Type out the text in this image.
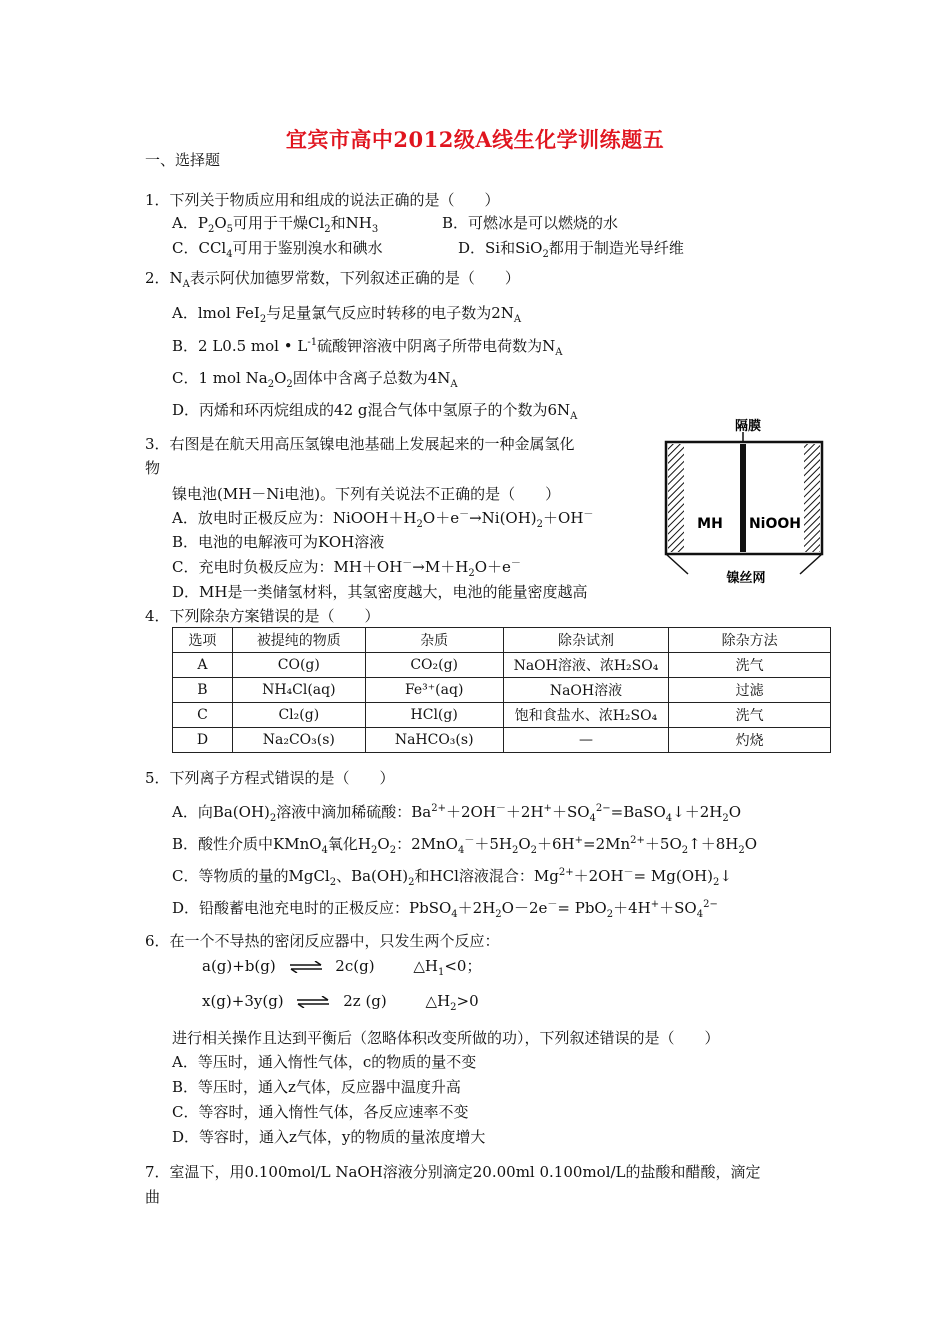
宜宾市高中2012级A线生化学训练题五
一、选择题
1．下列关于物质应用和组成的说法正确的是（　　）
A．$P_2O_5$可用于干燥$Cl_2$和$NH_3$	B．可燃冰是可以燃烧的水
C．CCl$_4$可用于鉴别溴水和碘水	D．Si和SiO$_2$都用于制造光导纤维
2．$N_A$表示阿伏加德罗常数，下列叙述正确的是（　　）
A．lmol FeI$_2$与足量氯气反应时转移的电子数为$2N_A$
B．2 L0.5 mol • $L^{-1}$硫酸钾溶液中阴离子所带电荷数为$N_A$
C．1 mol $Na_2O_2$固体中含离子总数为$4N_A$
D．丙烯和环丙烷组成的42 g混合气体中氢原子的个数为$6N_A$
3．右图是在航天用高压氢镍电池基础上发展起来的一种金属氢化
物
镍电池(MH－Ni电池)。下列有关说法不正确的是（　　）
A．放电时正极反应为：$NiOOH+H_2O+e^-\to Ni(OH)_2+OH^-$
B．电池的电解液可为KOH溶液
C．充电时负极反应为：$MH+OH^-\to M+H_2O+e^-$
D．MH是一类储氢材料，其氢密度越大，电池的能量密度越高
隔膜
MH NiOOH
镍丝网
4．下列除杂方案错误的是（　　）
选项	被提纯的物质	杂质	除杂试剂	除杂方法
A	CO(g)	CO₂(g)	NaOH溶液、浓H₂SO₄	洗气
B	NH₄Cl(aq)	Fe³⁺(aq)	NaOH溶液	过滤
C	Cl₂(g)	HCl(g)	饱和食盐水、浓H₂SO₄	洗气
D	Na₂CO₃(s)	NaHCO₃(s)	—	灼烧
5．下列离子方程式错误的是（　　）
A．向$Ba(OH)_2$溶液中滴加稀硫酸：$Ba^{2+}+2OH^-+2H^++SO_4^{2-}=BaSO_4↓+2H_2O$
B．酸性介质中KMnO$_4$氧化$H_2O_2$：$2MnO_4^-+5H_2O_2+6H^+=2Mn^{2+}+5O_2↑+8H_2O$
C．等物质的量的MgCl$_2$、$Ba(OH)_2$和HCl溶液混合：$Mg^{2+}+2OH^-=$ $Mg(OH)_2↓$
D．铅酸蓄电池充电时的正极反应：$PbSO_4+2H_2O-2e^-= PbO_2+4H^++SO_4^{2-}$
6．在一个不导热的密闭反应器中，只发生两个反应：
a(g)+b(g) ⇌ 2c(g)	$\triangle H_1<0$；
x(g)+3y(g) ⇌ 2z (g)	$\triangle H_2>0$
进行相关操作且达到平衡后（忽略体积改变所做的功），下列叙述错误的是（　　）
A．等压时，通入惰性气体，c的物质的量不变
B．等压时，通入z气体，反应器中温度升高
C．等容时，通入惰性气体，各反应速率不变
D．等容时，通入z气体，y的物质的量浓度增大
7．室温下，用0.100mol/L NaOH溶液分别滴定20.00ml 0.100mol/L的盐酸和醋酸，滴定
曲
